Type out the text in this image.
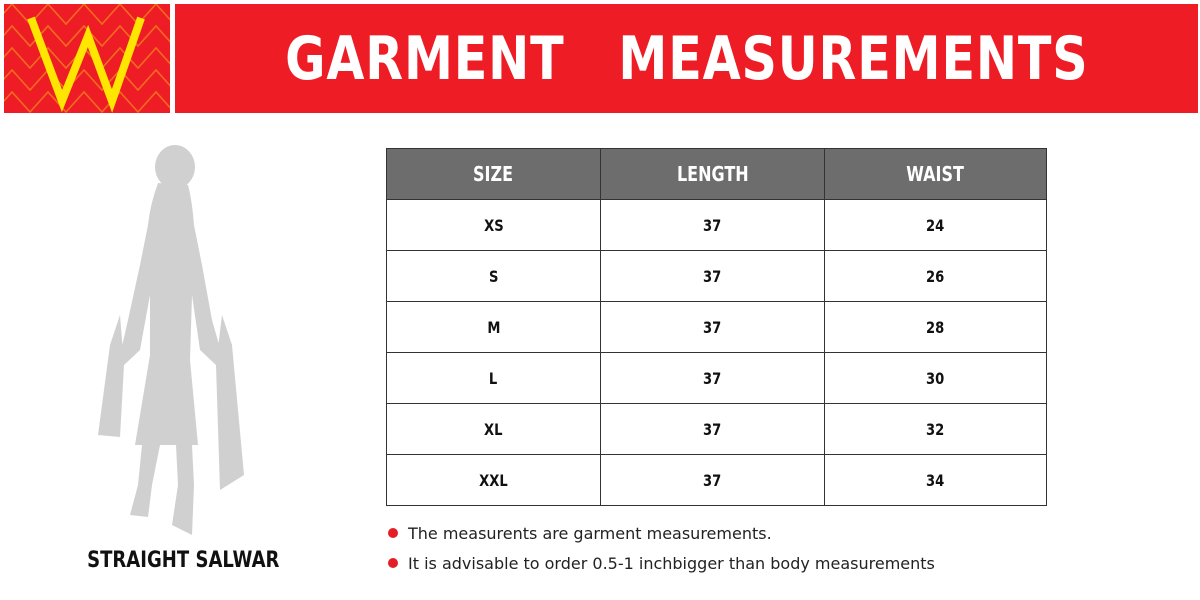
GARMENT   MEASUREMENTS
STRAIGHT SALWAR
SIZE	LENGTH	WAIST
XS	37	24
S	37	26
M	37	28
L	37	30
XL	37	32
XXL	37	34
The measurents are garment measurements.
It is advisable to order 0.5-1 inchbigger than body measurements
